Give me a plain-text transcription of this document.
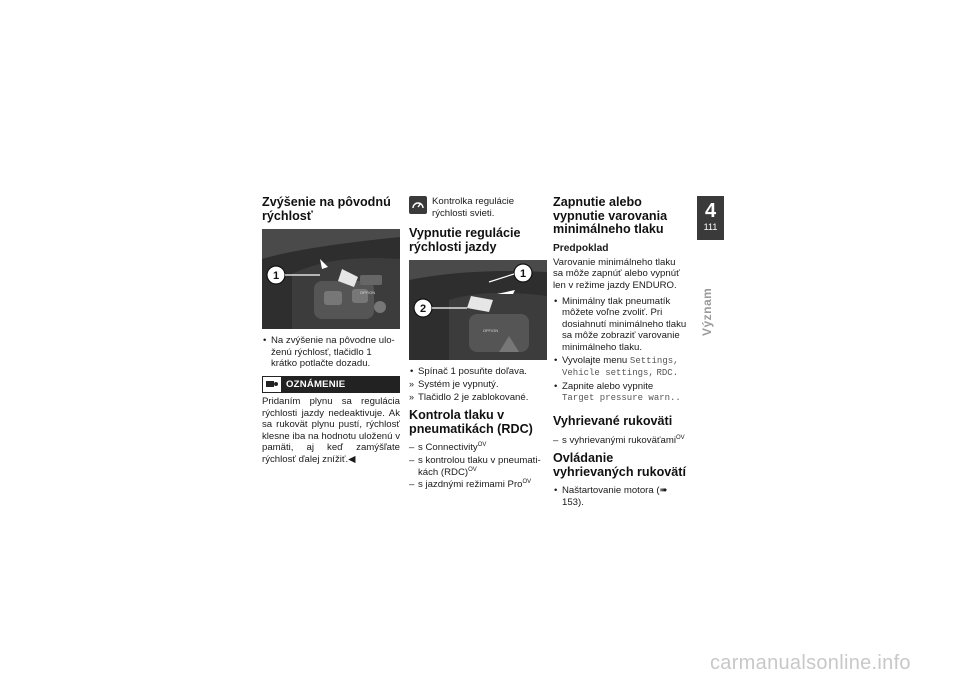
Zvýšenie na pôvodnú rýchlosť
1
OFF/ON
• Na zvýšenie na pôvodne uloženú rýchlosť, tlačidlo 1 krátko potlačte dozadu.
OZNÁMENIE

Pridaním plynu sa regulácia rýchlosti jazdy nedeaktivuje. Ak sa rukovät plynu pustí, rýchlosť klesne iba na hodnotu uloženú v pamäti, aj keď zamýšľate rýchlosť ďalej znížiť.◀

Kontrolka regulácie rýchlosti svieti.
Vypnutie regulácie rýchlosti jazdy
1
2
OFF/ON
• Spínač 1 posuňte doľava.
» Systém je vypnutý.
» Tlačidlo 2 je zablokované.
Kontrola tlaku v pneumatikách (RDC)
– s Connectivity$^{OV}$
– s kontrolou tlaku v pneumatikách (RDC)$^{OV}$
– s jazdnými režimami Pro$^{OV}$
Zapnutie alebo vypnutie varovania minimálneho tlaku
Predpoklad

Varovanie minimálneho tlaku sa môže zapnúť alebo vypnúť len v režime jazdy ENDURO.

• Minimálny tlak pneumatík môžete voľne zvoliť. Pri dosiahnutí minimálneho tlaku sa môže zobraziť varovanie minimálneho tlaku.
• Vyvolajte menu Settings, Vehicle settings, RDC.
• Zapnite alebo vypnite Target pressure warn..
Vyhrievané rukoväti
– s vyhrievanými rukoväťami$^{OV}$
Ovládanie vyhrievaných rukovätí
• Naštartovanie motora (➠ 153).
4
111
Význam
carmanualsonline.info
